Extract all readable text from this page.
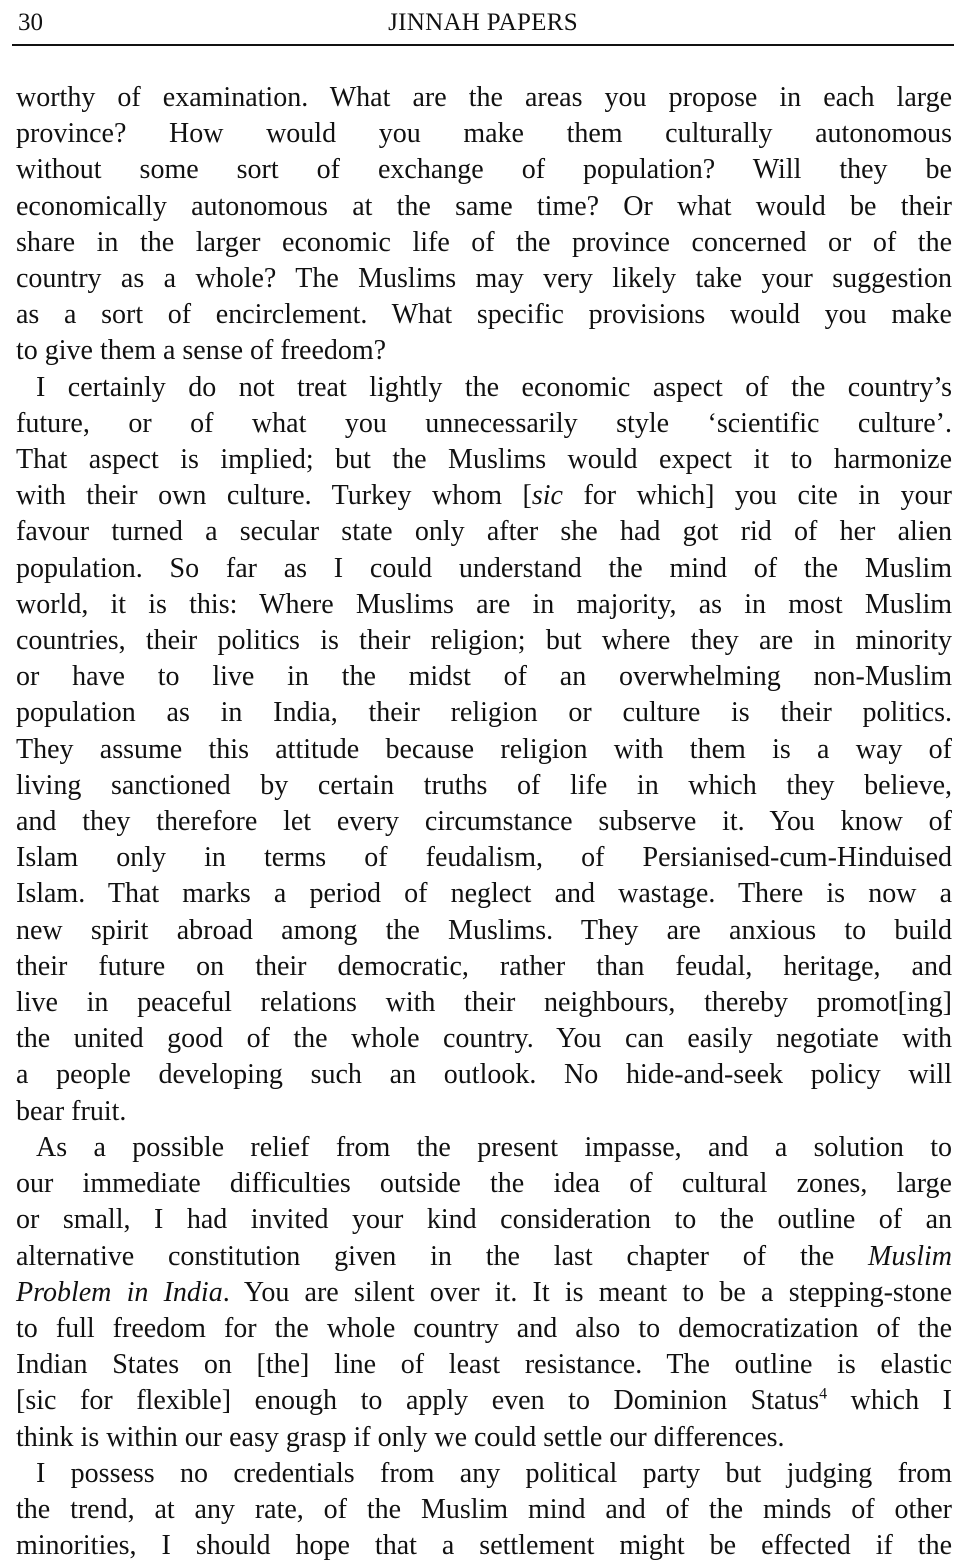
30	JINNAH PAPERS
worthy of examination. What are the areas you propose in each large
province? How would you make them culturally autonomous
without some sort of exchange of population? Will they be
economically autonomous at the same time? Or what would be their
share in the larger economic life of the province concerned or of the
country as a whole? The Muslims may very likely take your suggestion
as a sort of encirclement. What specific provisions would you make
to give them a sense of freedom?
I certainly do not treat lightly the economic aspect of the country’s
future, or of what you unnecessarily style ‘scientific culture’.
That aspect is implied; but the Muslims would expect it to harmonize
with their own culture. Turkey whom [sic for which] you cite in your
favour turned a secular state only after she had got rid of her alien
population. So far as I could understand the mind of the Muslim
world, it is this: Where Muslims are in majority, as in most Muslim
countries, their politics is their religion; but where they are in minority
or have to live in the midst of an overwhelming non-Muslim
population as in India, their religion or culture is their politics.
They assume this attitude because religion with them is a way of
living sanctioned by certain truths of life in which they believe,
and they therefore let every circumstance subserve it. You know of
Islam only in terms of feudalism, of Persianised-cum-Hinduised
Islam. That marks a period of neglect and wastage. There is now a
new spirit abroad among the Muslims. They are anxious to build
their future on their democratic, rather than feudal, heritage, and
live in peaceful relations with their neighbours, thereby promot[ing]
the united good of the whole country. You can easily negotiate with
a people developing such an outlook. No hide-and-seek policy will
bear fruit.
As a possible relief from the present impasse, and a solution to
our immediate difficulties outside the idea of cultural zones, large
or small, I had invited your kind consideration to the outline of an
alternative constitution given in the last chapter of the Muslim
Problem in India. You are silent over it. It is meant to be a stepping-stone
to full freedom for the whole country and also to democratization of the
Indian States on [the] line of least resistance. The outline is elastic
[sic for flexible] enough to apply even to Dominion Status$^4$ which I
think is within our easy grasp if only we could settle our differences.
I possess no credentials from any political party but judging from
the trend, at any rate, of the Muslim mind and of the minds of other
minorities, I should hope that a settlement might be effected if the
